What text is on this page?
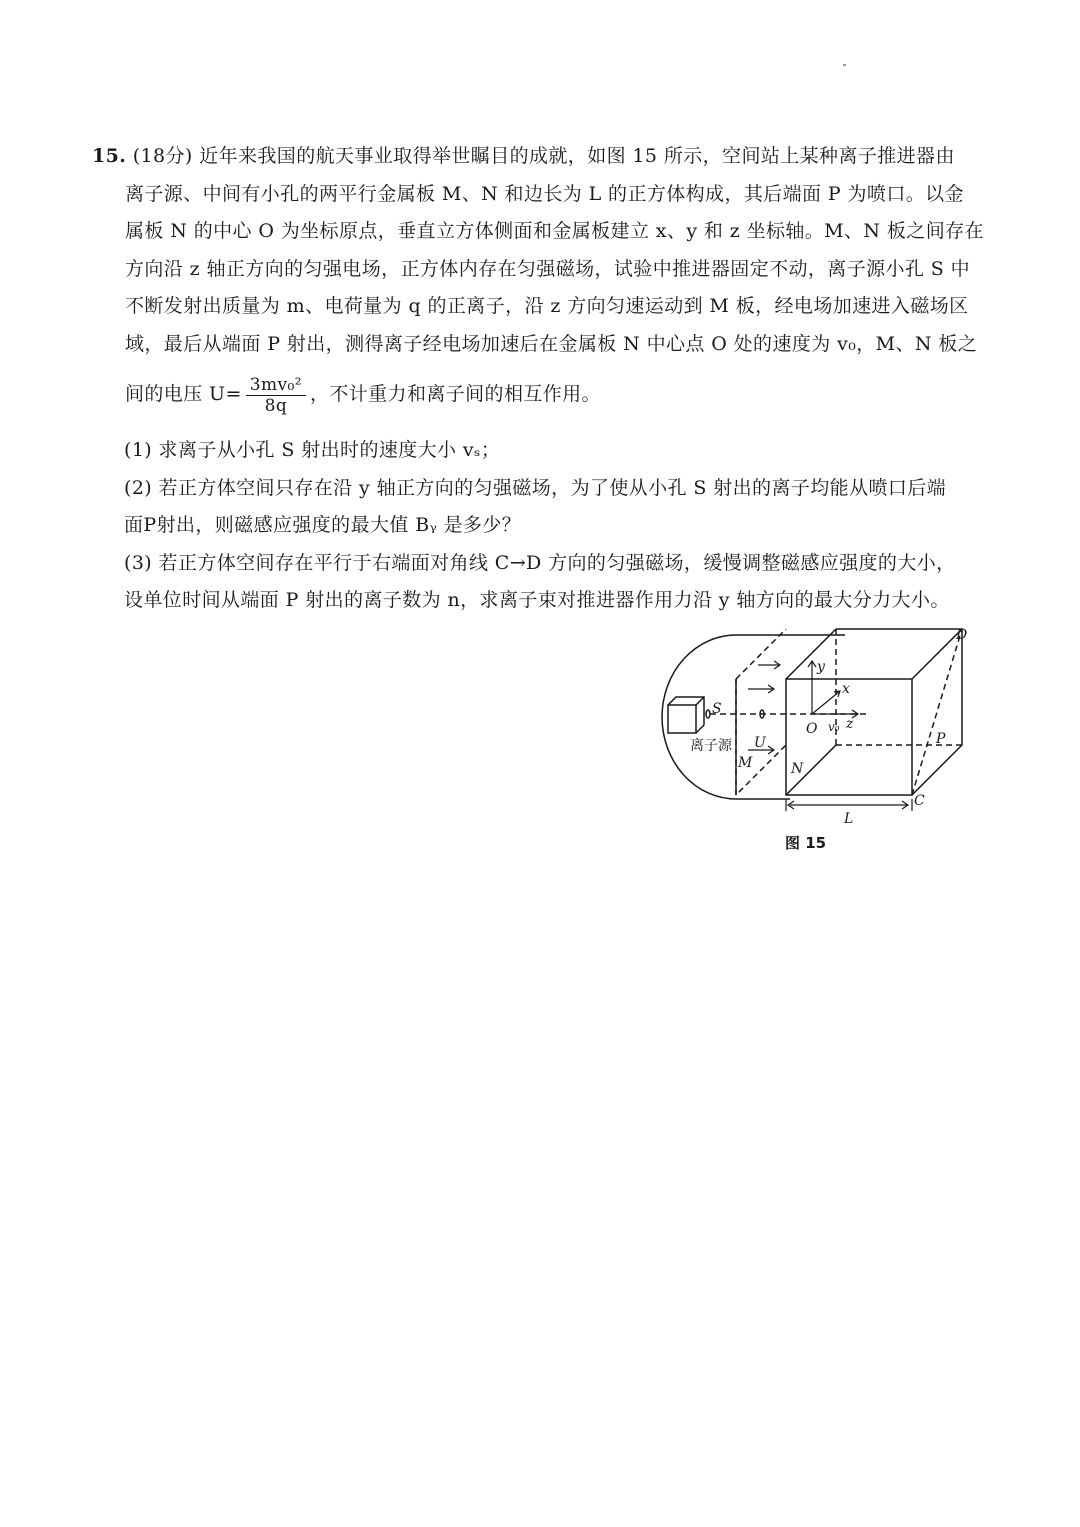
15. (18分) 近年来我国的航天事业取得举世瞩目的成就，如图 15 所示，空间站上某种离子推进器由
离子源、中间有小孔的两平行金属板 M、N 和边长为 L 的正方体构成，其后端面 P 为喷口。以金
属板 N 的中心 O 为坐标原点，垂直立方体侧面和金属板建立 x、y 和 z 坐标轴。M、N 板之间存在
方向沿 z 轴正方向的匀强电场，正方体内存在匀强磁场，试验中推进器固定不动，离子源小孔 S 中
不断发射出质量为 m、电荷量为 q 的正离子，沿 z 方向匀速运动到 M 板，经电场加速进入磁场区
域，最后从端面 P 射出，测得离子经电场加速后在金属板 N 中心点 O 处的速度为 v₀，M、N 板之
间的电压 $U= \frac{\text{3mv₀²}}{8q}$ ，不计重力和离子间的相互作用。
(1) 求离子从小孔 S 射出时的速度大小 vₛ；
(2) 若正方体空间只存在沿 y 轴正方向的匀强磁场，为了使从小孔 S 射出的离子均能从喷口后端
面P射出，则磁感应强度的最大值 Bᵧ 是多少？
(3) 若正方体空间存在平行于右端面对角线 C→D 方向的匀强磁场，缓慢调整磁感应强度的大小，
设单位时间从端面 P 射出的离子数为 n，求离子束对推进器作用力沿 y 轴方向的最大分力大小。
离子源
S
M	N
C
D
P
U
y
x
z
O v₀
L
图 15
